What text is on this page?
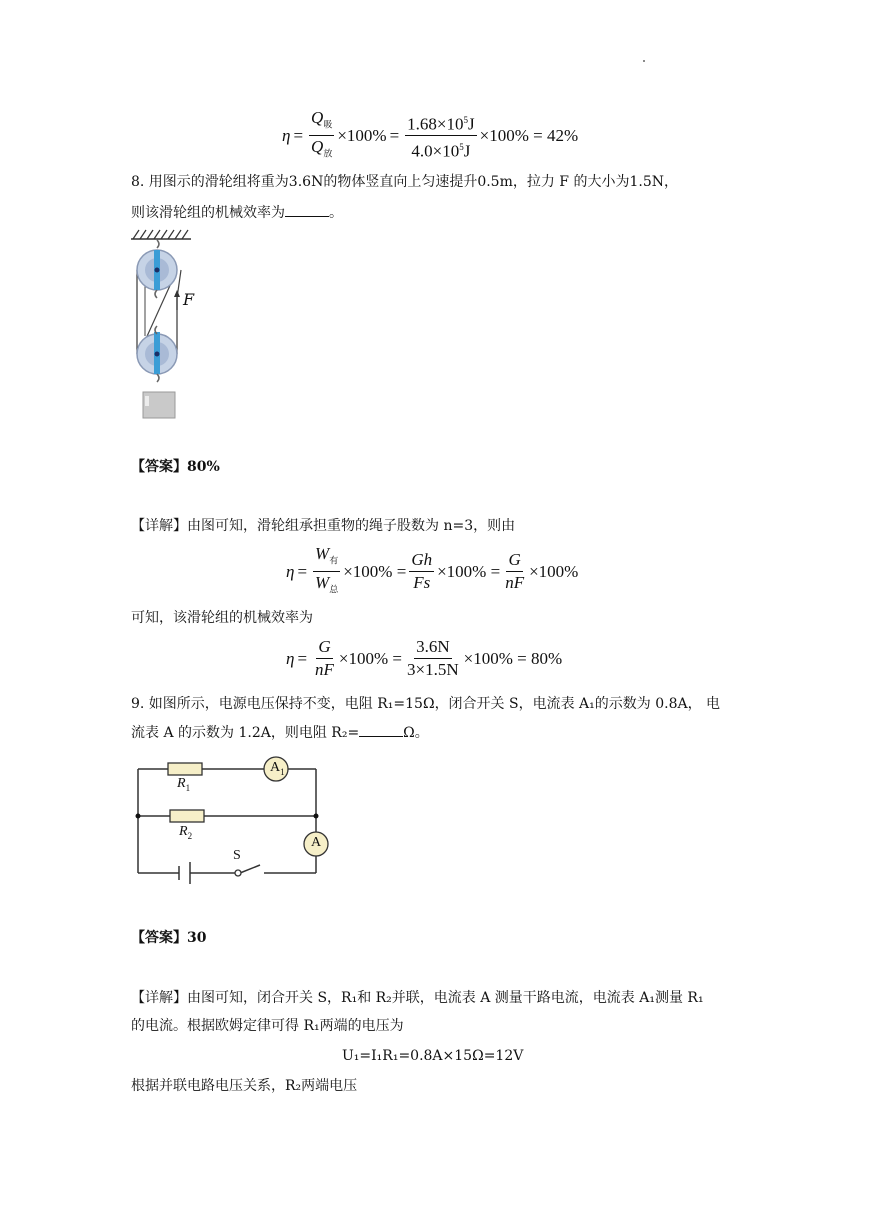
$\eta = \frac{Q_吸}{Q_放} \times 100\% = \frac{1.68\times 10^5J}{4.0\times 10^5J} \times 100\% = 42\%$
8. 用图示的滑轮组将重为3.6N的物体竖直向上匀速提升0.5m，拉力 F 的大小为1.5N，
则该滑轮组的机械效率为	。
F
【答案】80%
【详解】由图可知，滑轮组承担重物的绳子股数为 n=3，则由
$\eta = \frac{W_有}{W_总} \times 100\% = \frac{Gh}{Fs} \times 100\% = \frac{G}{nF} \times 100\%$
可知，该滑轮组的机械效率为
$\eta = \frac{G}{nF} \times 100\% = \frac{3.6N}{3\times 1.5N} \times 100\% = 80\%$
9. 如图所示，电源电压保持不变，电阻 R₁=15Ω，闭合开关 S，电流表 A₁的示数为 0.8A， 电
流表 A 的示数为 1.2A，则电阻 R₂=	Ω。
$A_1$
A
$R_1$
$R_2$
S
【答案】30
【详解】由图可知，闭合开关 S，R₁和 R₂并联，电流表 A 测量干路电流，电流表 A₁测量 R₁
的电流。根据欧姆定律可得 R₁两端的电压为
U₁=I₁R₁=0.8A×15Ω=12V
根据并联电路电压关系，R₂两端电压
